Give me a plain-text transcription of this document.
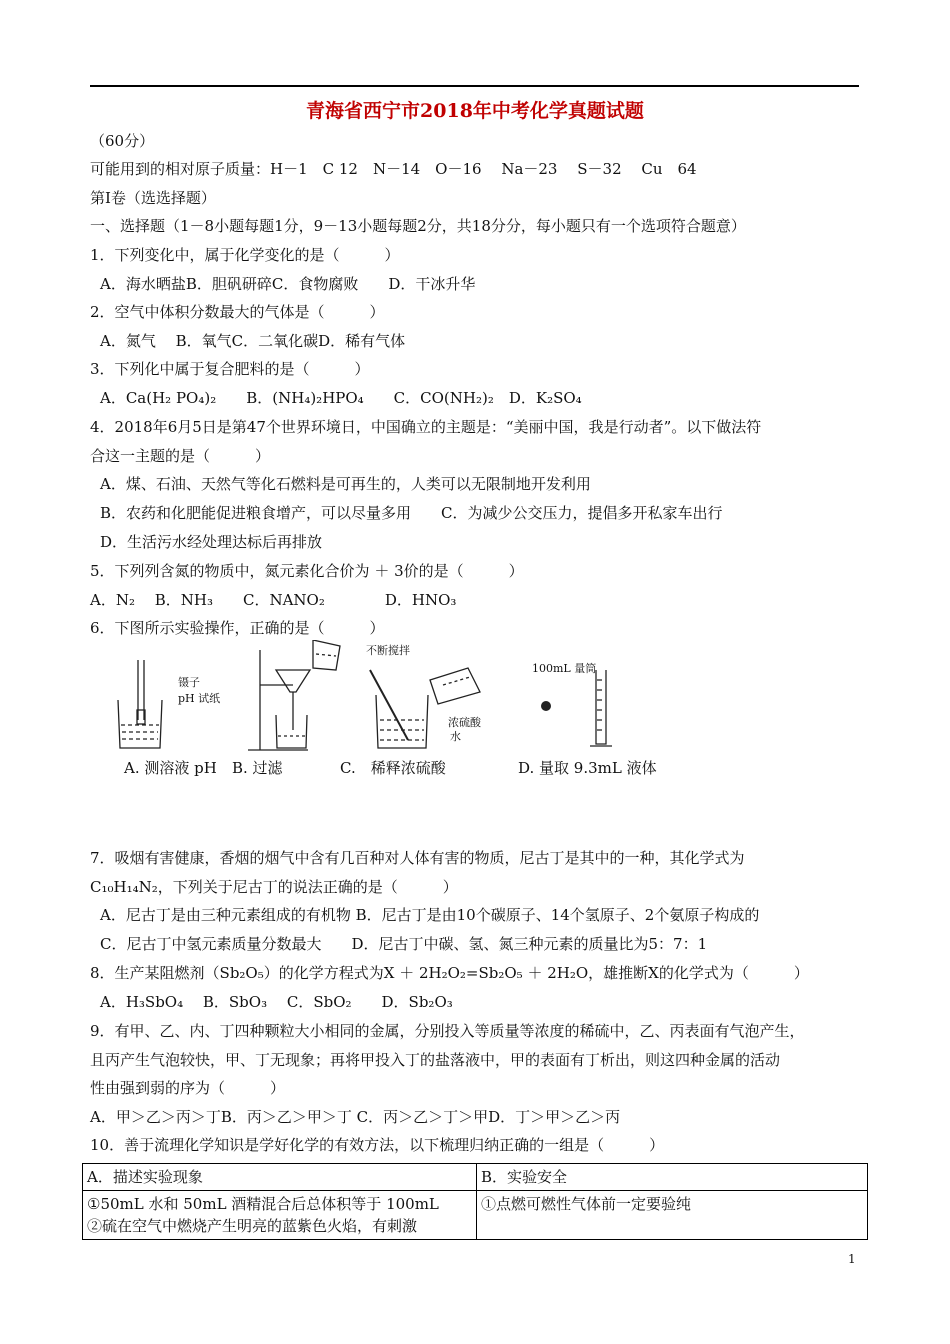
青海省西宁市2018年中考化学真题试题
（60分）
可能用到的相对原子质量：H－1　C 12　N－14　O－16　 Na－23　 S－32　 Cu　64
第Ⅰ卷（选选择题）
一、选择题（1－8小题每题1分，9－13小题每题2分，共18分分，每小题只有一个选项符合题意）
1．下列变化中，属于化学变化的是（　　　）
A．海水晒盐B．胆矾研碎C．食物腐败　　D．干冰升华
2．空气中体积分数最大的气体是（　　　）
A．氮气　 B．氧气C．二氧化碳D．稀有气体
3．下列化中属于复合肥料的是（　　　）
A．Ca(H₂ PO₄)₂　　B．(NH₄)₂HPO₄　　C．CO(NH₂)₂　D．K₂SO₄
4．2018年6月5日是第47个世界环境日，中国确立的主题是：“美丽中国，我是行动者”。以下做法符
合这一主题的是（　　　）
A．煤、石油、天然气等化石燃料是可再生的，人类可以无限制地开发利用
B．农药和化肥能促进粮食增产，可以尽量多用　　C．为减少公交压力，提倡多开私家车出行
D．生活污水经处理达标后再排放
5．下列列含氮的物质中，氮元素化合价为 ＋ 3价的是（　　　）
A．N₂　 B．NH₃　　C．NANO₂　　　　D．HNO₃
6．下图所示实验操作，正确的是（　　　）
镊子
pH 试纸
不断搅拌
浓硫酸
水
100mL 量筒
A. 测溶液 pH B. 过滤	C.　稀释浓硫酸	D. 量取 9.3mL 液体
7．吸烟有害健康，香烟的烟气中含有几百种对人体有害的物质，尼古丁是其中的一种，其化学式为
C₁₀H₁₄N₂，下列关于尼古丁的说法正确的是（　　　）
A．尼古丁是由三种元素组成的有机物 B．尼古丁是由10个碳原子、14个氢原子、2个氨原子构成的
C．尼古丁中氢元素质量分数最大　　D．尼古丁中碳、氢、氮三种元素的质量比为5：7：1
8．生产某阻燃剂（Sb₂O₅）的化学方程式为X ＋ 2H₂O₂=Sb₂O₅ ＋ 2H₂O，雄推断X的化学式为（　　　）
A．H₃SbO₄　 B．SbO₃　 C．SbO₂　　D．Sb₂O₃
9．有甲、乙、内、丁四种颗粒大小相同的金属，分别投入等质量等浓度的稀硫中，乙、丙表面有气泡产生，
且丙产生气泡较快，甲、丁无现象；再将甲投入丁的盐落液中，甲的表面有丁析出，则这四种金属的活动
性由强到弱的序为（　　　）
A．甲＞乙＞丙＞丁B．丙＞乙＞甲＞丁 C．丙＞乙＞丁＞甲D．丁＞甲＞乙＞丙
10．善于流理化学知识是学好化学的有效方法，以下梳理归纳正确的一组是（　　　）
A．描述实验现象	B．实验安全

①50mL 水和 50mL 酒精混合后总体积等于 100mL
②硫在空气中燃烧产生明亮的蓝紫色火焰，有刺激	①点燃可燃性气体前一定要验纯
1
